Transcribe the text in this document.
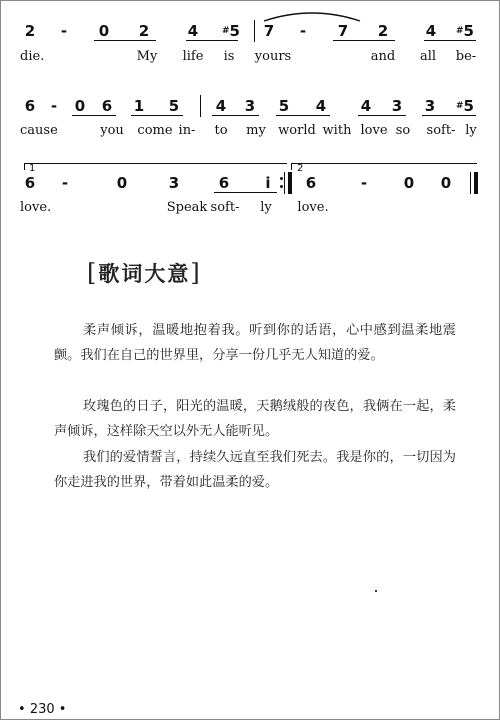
2 - 0 2	4	#5 7 - 7 2	4 #5
die.	My life is yours	and all be-
6 - 0 6 1 5 4 3 5 4 4 3 3 #5
cause	you come in- to my world with love so soft- ly
1	2
6 -	0	3	6 i 6	- 0 0
love.	Speak soft- ly love.
[歌词大意]
柔声倾诉，温暖地抱着我。听到你的话语，心中感到温柔地震颤。我们在自己的世界里，分享一份几乎无人知道的爱。
玫瑰色的日子，阳光的温暖，天鹅绒般的夜色，我俩在一起，柔声倾诉，这样除天空以外无人能听见。
我们的爱情誓言，持续久远直至我们死去。我是你的，一切因为你走进我的世界，带着如此温柔的爱。
• 230 •
